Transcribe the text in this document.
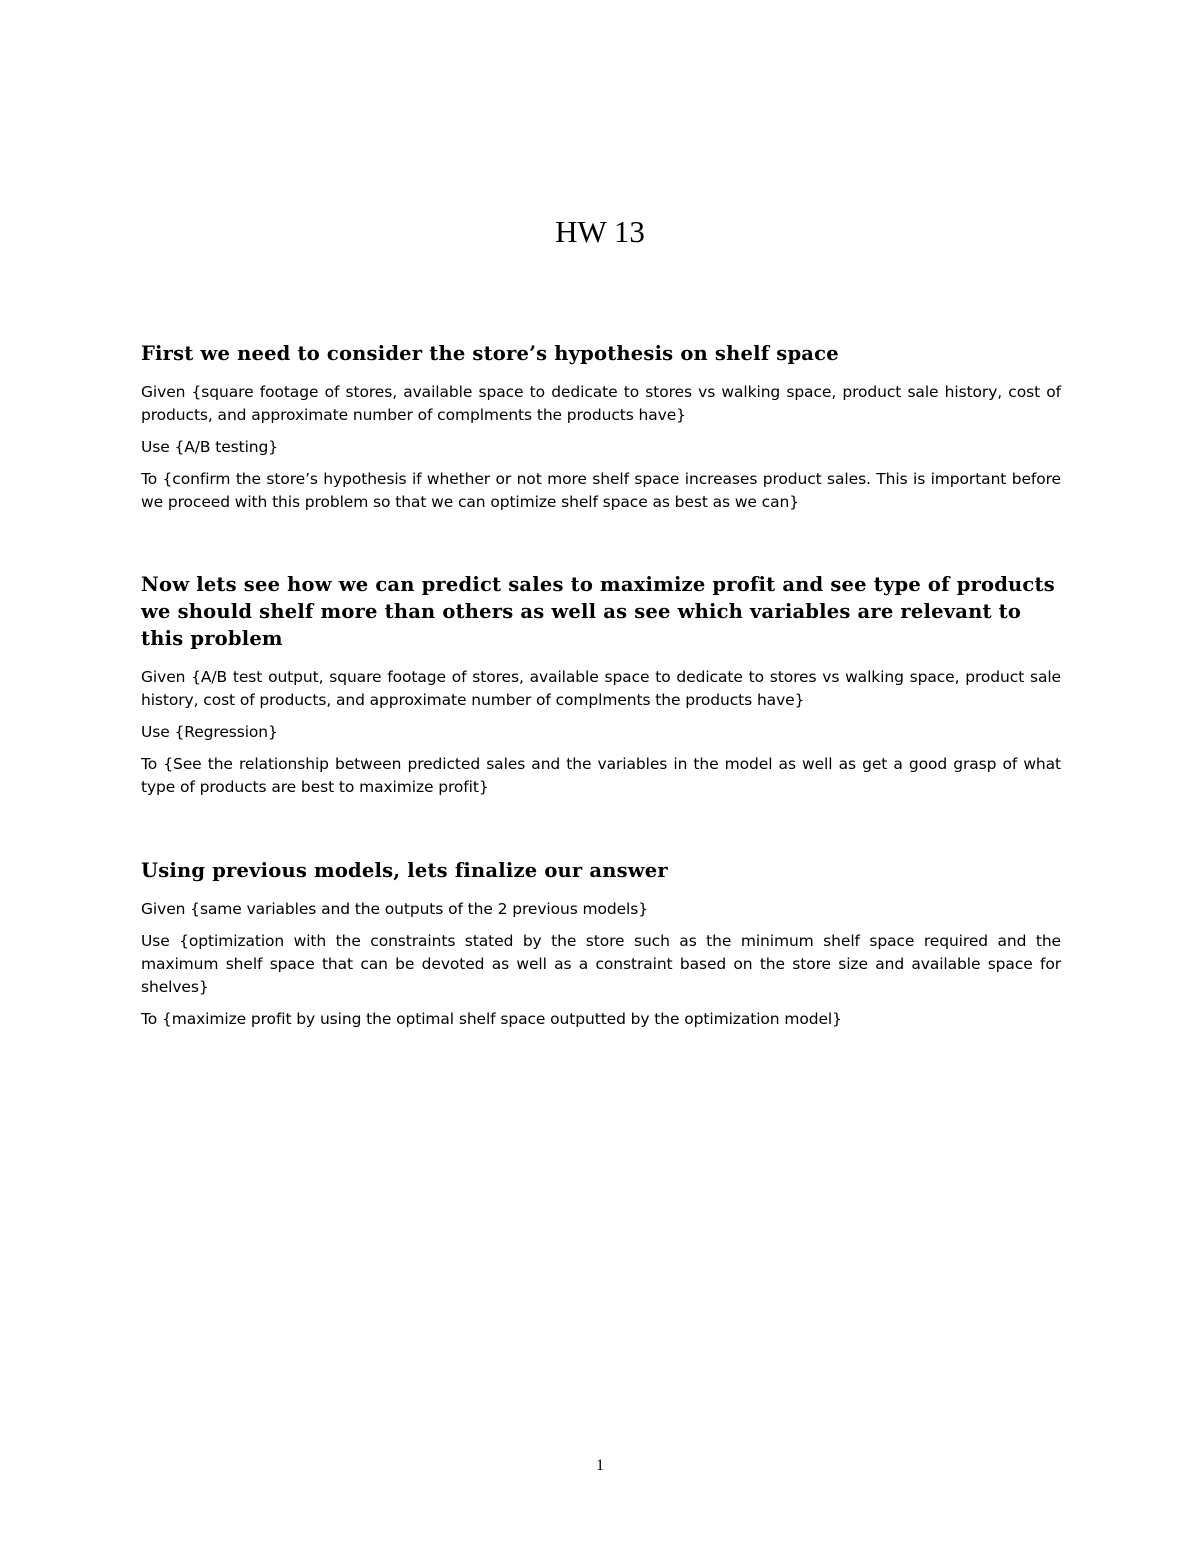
HW 13
First we need to consider the store’s hypothesis on shelf space

Given {square footage of stores, available space to dedicate to stores vs walking space, product sale history, cost of products, and approximate number of complments the products have}

Use {A/B testing}

To {confirm the store’s hypothesis if whether or not more shelf space increases product sales. This is important before we proceed with this problem so that we can optimize shelf space as best as we can}

Now lets see how we can predict sales to maximize profit and see type of products we should shelf more than others as well as see which variables are relevant to this problem

Given {A/B test output, square footage of stores, available space to dedicate to stores vs walking space, product sale history, cost of products, and approximate number of complments the products have}

Use {Regression}

To {See the relationship between predicted sales and the variables in the model as well as get a good grasp of what type of products are best to maximize profit}

Using previous models, lets finalize our answer

Given {same variables and the outputs of the 2 previous models}

Use {optimization with the constraints stated by the store such as the minimum shelf space required and the maximum shelf space that can be devoted as well as a constraint based on the store size and available space for shelves}

To {maximize profit by using the optimal shelf space outputted by the optimization model}

1
